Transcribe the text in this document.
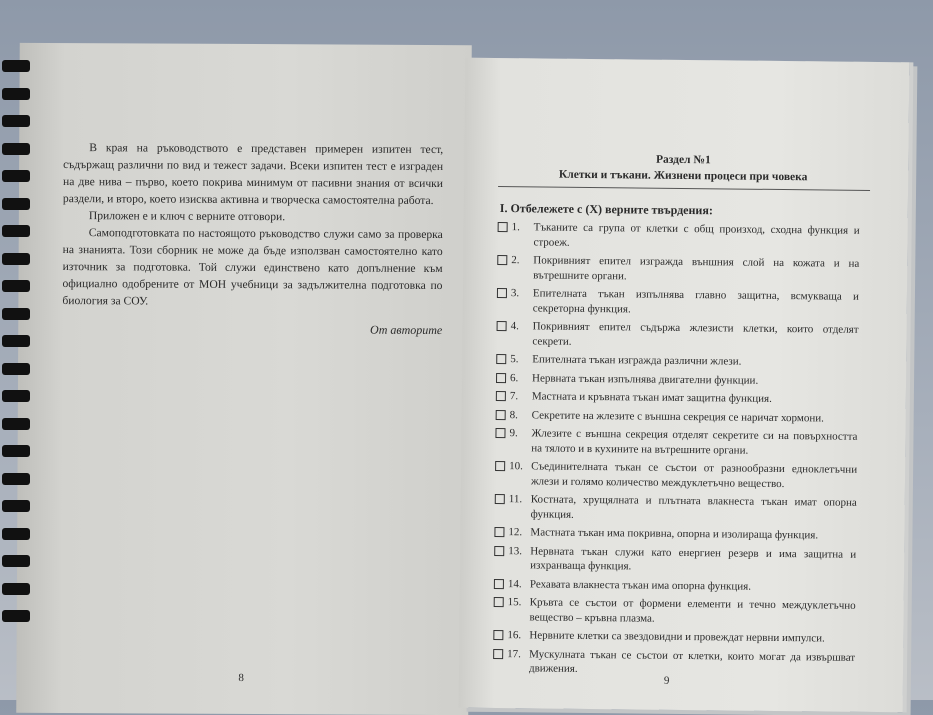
В края на ръководството е представен примерен изпитен тест, съдържащ различни по вид и тежест задачи. Всеки изпитен тест е изграден на две нива – първо, което покрива минимум от пасивни знания от всички раздели, и второ, което изисква активна и творческа самостоятелна работа.

Приложен е и ключ с верните отговори.

Самоподготовката по настоящото ръководство служи само за проверка на знанията. Този сборник не може да бъде използван самостоятелно като източник за подготовка. Той служи единствено като допълнение към официално одобрените от МОН учебници за задължителна подготовка по биология за СОУ.

От авторите
8
Раздел №1
Клетки и тъкани. Жизнени процеси при човека
I. Отбележете с (X) верните твърдения:
1.	Тъканите са група от клетки с общ произход, сходна функция и строеж.
2.	Покривният епител изгражда външния слой на кожата и на вътрешните органи.
3.	Епителната тъкан изпълнява главно защитна, всмукваща и секреторна функция.
4.	Покривният епител съдържа жлезисти клетки, които отделят секрети.
5.	Епителната тъкан изгражда различни жлези.
6.	Нервната тъкан изпълнява двигателни функции.
7.	Мастната и кръвната тъкан имат защитна функция.
8.	Секретите на жлезите с външна секреция се наричат хормони.
9.	Жлезите с външна секреция отделят секретите си на повърхността на тялото и в кухините на вътрешните органи.
10. Съединителната тъкан се състои от разнообразни едноклетъчни жлези и голямо количество междуклетъчно вещество.
11. Костната, хрущялната и плътната влакнеста тъкан имат опорна функция.
12. Мастната тъкан има покривна, опорна и изолираща функция.
13. Нервната тъкан служи като енергиен резерв и има защитна и изхранваща функция.
14. Рехавата влакнеста тъкан има опорна функция.
15. Кръвта се състои от формени елементи и течно междуклетъчно вещество – кръвна плазма.
16. Нервните клетки са звездовидни и провеждат нервни импулси.
17. Мускулната тъкан се състои от клетки, които могат да извършват движения.
9
